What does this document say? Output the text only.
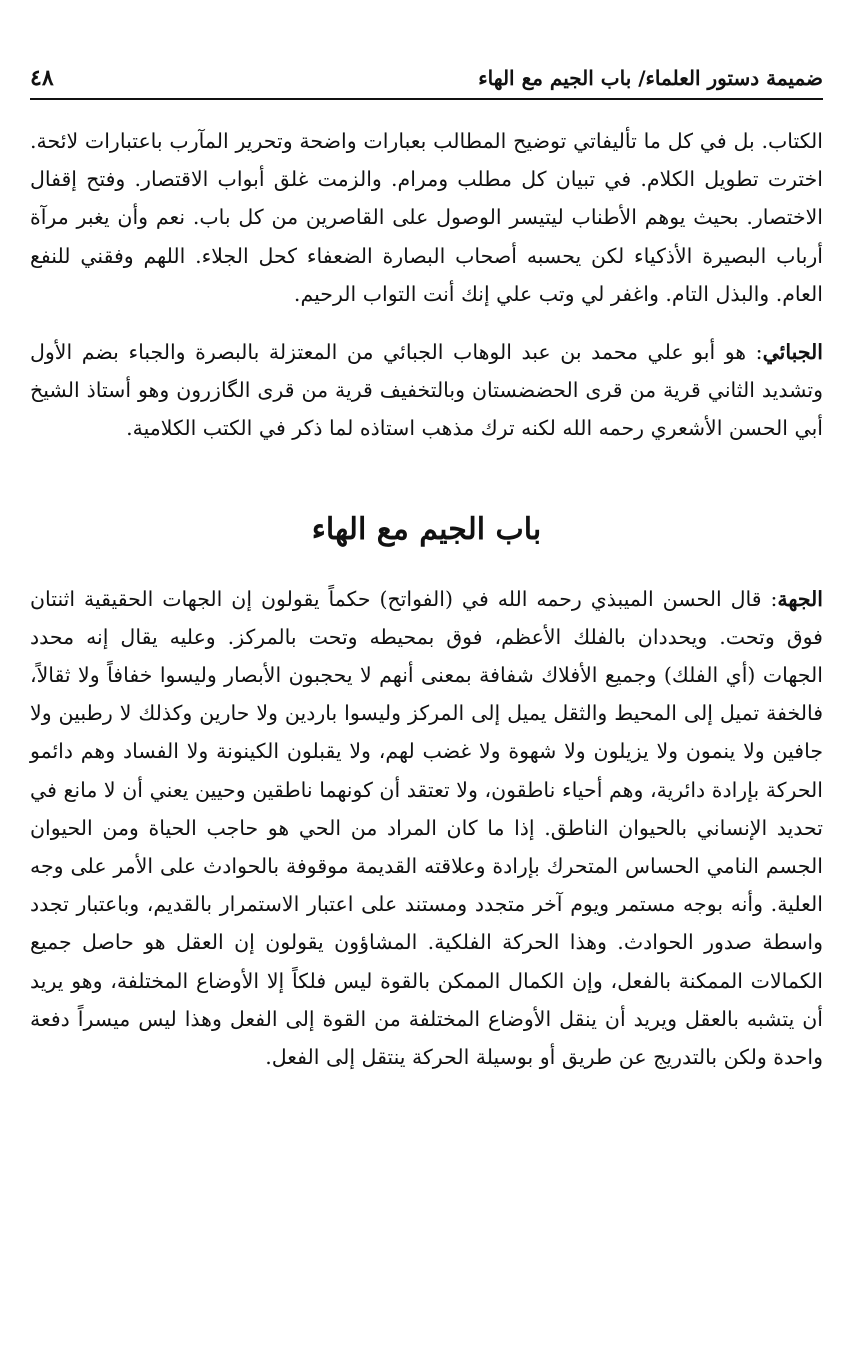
ضميمة دستور العلماء/ باب الجيم مع الهاء
٤٨

الكتاب. بل في كل ما تأليفاتي توضيح المطالب بعبارات واضحة وتحرير المآرب باعتبارات لائحة. اخترت تطويل الكلام. في تبيان كل مطلب ومرام. والزمت غلق أبواب الاقتصار. وفتح إقفال الاختصار. بحيث يوهم الأطناب ليتيسر الوصول على القاصرين من كل باب. نعم وأن يغبر مرآة أرباب البصيرة الأذكياء لكن يحسبه أصحاب البصارة الضعفاء كحل الجلاء. اللهم وفقني للنفع العام. والبذل التام. واغفر لي وتب علي إنك أنت التواب الرحيم.

الجبائي: هو أبو علي محمد بن عبد الوهاب الجبائي من المعتزلة بالبصرة والجباء بضم الأول وتشديد الثاني قرية من قرى الحضضستان وبالتخفيف قرية من قرى الگازرون وهو أستاذ الشيخ أبي الحسن الأشعري رحمه الله لكنه ترك مذهب استاذه لما ذكر في الكتب الكلامية.

باب الجيم مع الهاء

الجهة: قال الحسن الميبذي رحمه الله في (الفواتح) حكماً يقولون إن الجهات الحقيقية اثنتان فوق وتحت. ويحددان بالفلك الأعظم، فوق بمحيطه وتحت بالمركز. وعليه يقال إنه محدد الجهات (أي الفلك) وجميع الأفلاك شفافة بمعنى أنهم لا يحجبون الأبصار وليسوا خفافاً ولا ثقالاً، فالخفة تميل إلى المحيط والثقل يميل إلى المركز وليسوا باردين ولا حارين وكذلك لا رطبين ولا جافين ولا ينمون ولا يزيلون ولا شهوة ولا غضب لهم، ولا يقبلون الكينونة ولا الفساد وهم دائمو الحركة بإرادة دائرية، وهم أحياء ناطقون، ولا تعتقد أن كونهما ناطقين وحيين يعني أن لا مانع في تحديد الإنساني بالحيوان الناطق. إذا ما كان المراد من الحي هو حاجب الحياة ومن الحيوان الجسم النامي الحساس المتحرك بإرادة وعلاقته القديمة موقوفة بالحوادث على الأمر على وجه العلية. وأنه بوجه مستمر ويوم آخر متجدد ومستند على اعتبار الاستمرار بالقديم، وباعتبار تجدد واسطة صدور الحوادث. وهذا الحركة الفلكية. المشاؤون يقولون إن العقل هو حاصل جميع الكمالات الممكنة بالفعل، وإن الكمال الممكن بالقوة ليس فلكاً إلا الأوضاع المختلفة، وهو يريد أن يتشبه بالعقل ويريد أن ينقل الأوضاع المختلفة من القوة إلى الفعل وهذا ليس ميسراً دفعة واحدة ولكن بالتدريج عن طريق أو بوسيلة الحركة ينتقل إلى الفعل.
